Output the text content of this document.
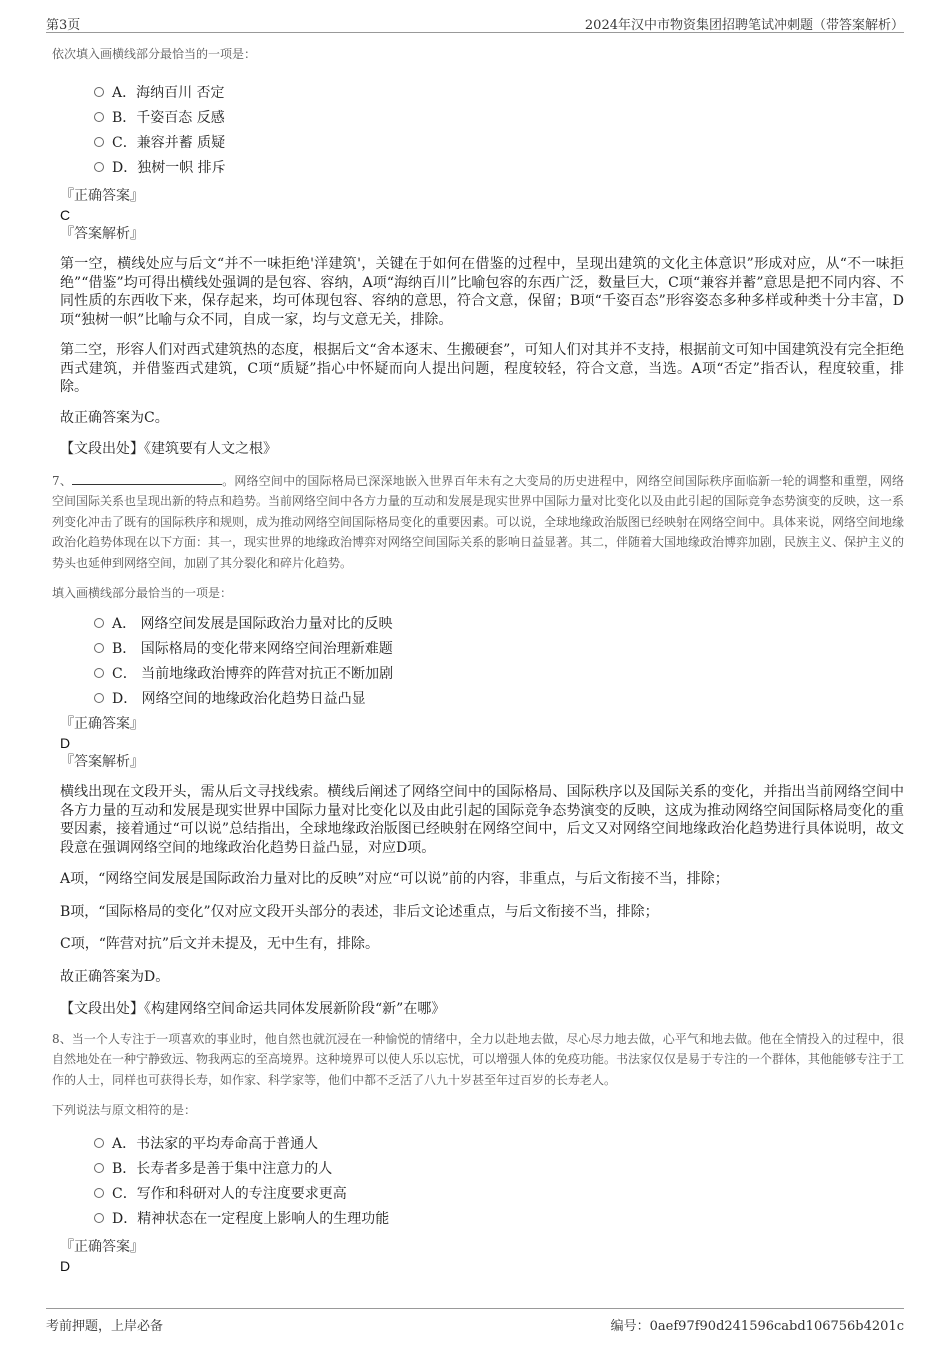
第3页	2024年汉中市物资集团招聘笔试冲刺题（带答案解析）

依次填入画横线部分最恰当的一项是：

A．海纳百川 否定
B．千姿百态 反感
C．兼容并蓄 质疑
D．独树一帜 排斥

『正确答案』

C

『答案解析』

第一空，横线处应与后文“并不一味拒绝'洋建筑'，关键在于如何在借鉴的过程中，呈现出建筑的文化主体意识”形成对应，从“不一味拒绝”“借鉴”均可得出横线处强调的是包容、容纳，A项“海纳百川”比喻包容的东西广泛，数量巨大，C项“兼容并蓄”意思是把不同内容、不同性质的东西收下来，保存起来，均可体现包容、容纳的意思，符合文意，保留；B项“千姿百态”形容姿态多种多样或种类十分丰富，D项“独树一帜”比喻与众不同，自成一家，均与文意无关，排除。

第二空，形容人们对西式建筑热的态度，根据后文“舍本逐末、生搬硬套”，可知人们对其并不支持，根据前文可知中国建筑没有完全拒绝西式建筑，并借鉴西式建筑，C项“质疑”指心中怀疑而向人提出问题，程度较轻，符合文意，当选。A项“否定”指否认，程度较重，排除。

故正确答案为C。

【文段出处】《建筑要有人文之根》

7、	。网络空间中的国际格局已深深地嵌入世界百年未有之大变局的历史进程中，网络空间国际秩序面临新一轮的调整和重塑，网络空间国际关系也呈现出新的特点和趋势。当前网络空间中各方力量的互动和发展是现实世界中国际力量对比变化以及由此引起的国际竞争态势演变的反映，这一系列变化冲击了既有的国际秩序和规则，成为推动网络空间国际格局变化的重要因素。可以说，全球地缘政治版图已经映射在网络空间中。具体来说，网络空间地缘政治化趋势体现在以下方面：其一，现实世界的地缘政治博弈对网络空间国际关系的影响日益显著。其二，伴随着大国地缘政治博弈加剧，民族主义、保护主义的势头也延伸到网络空间，加剧了其分裂化和碎片化趋势。

填入画横线部分最恰当的一项是：

A． 网络空间发展是国际政治力量对比的反映
B． 国际格局的变化带来网络空间治理新难题
C． 当前地缘政治博弈的阵营对抗正不断加剧
D． 网络空间的地缘政治化趋势日益凸显

『正确答案』

D

『答案解析』

横线出现在文段开头，需从后文寻找线索。横线后阐述了网络空间中的国际格局、国际秩序以及国际关系的变化，并指出当前网络空间中各方力量的互动和发展是现实世界中国际力量对比变化以及由此引起的国际竞争态势演变的反映，这成为推动网络空间国际格局变化的重要因素，接着通过“可以说”总结指出，全球地缘政治版图已经映射在网络空间中，后文又对网络空间地缘政治化趋势进行具体说明，故文段意在强调网络空间的地缘政治化趋势日益凸显，对应D项。

A项，“网络空间发展是国际政治力量对比的反映”对应“可以说”前的内容，非重点，与后文衔接不当，排除；

B项，“国际格局的变化”仅对应文段开头部分的表述，非后文论述重点，与后文衔接不当，排除；

C项，“阵营对抗”后文并未提及，无中生有，排除。

故正确答案为D。

【文段出处】《构建网络空间命运共同体发展新阶段“新”在哪》

8、当一个人专注于一项喜欢的事业时，他自然也就沉浸在一种愉悦的情绪中，全力以赴地去做，尽心尽力地去做，心平气和地去做。他在全情投入的过程中，很自然地处在一种宁静致远、物我两忘的至高境界。这种境界可以使人乐以忘忧，可以增强人体的免疫功能。书法家仅仅是易于专注的一个群体，其他能够专注于工作的人士，同样也可获得长寿，如作家、科学家等，他们中都不乏活了八九十岁甚至年过百岁的长寿老人。

下列说法与原文相符的是：

A．书法家的平均寿命高于普通人
B．长寿者多是善于集中注意力的人
C．写作和科研对人的专注度要求更高
D．精神状态在一定程度上影响人的生理功能

『正确答案』

D

考前押题，上岸必备	编号：0aef97f90d241596cabd106756b4201c
